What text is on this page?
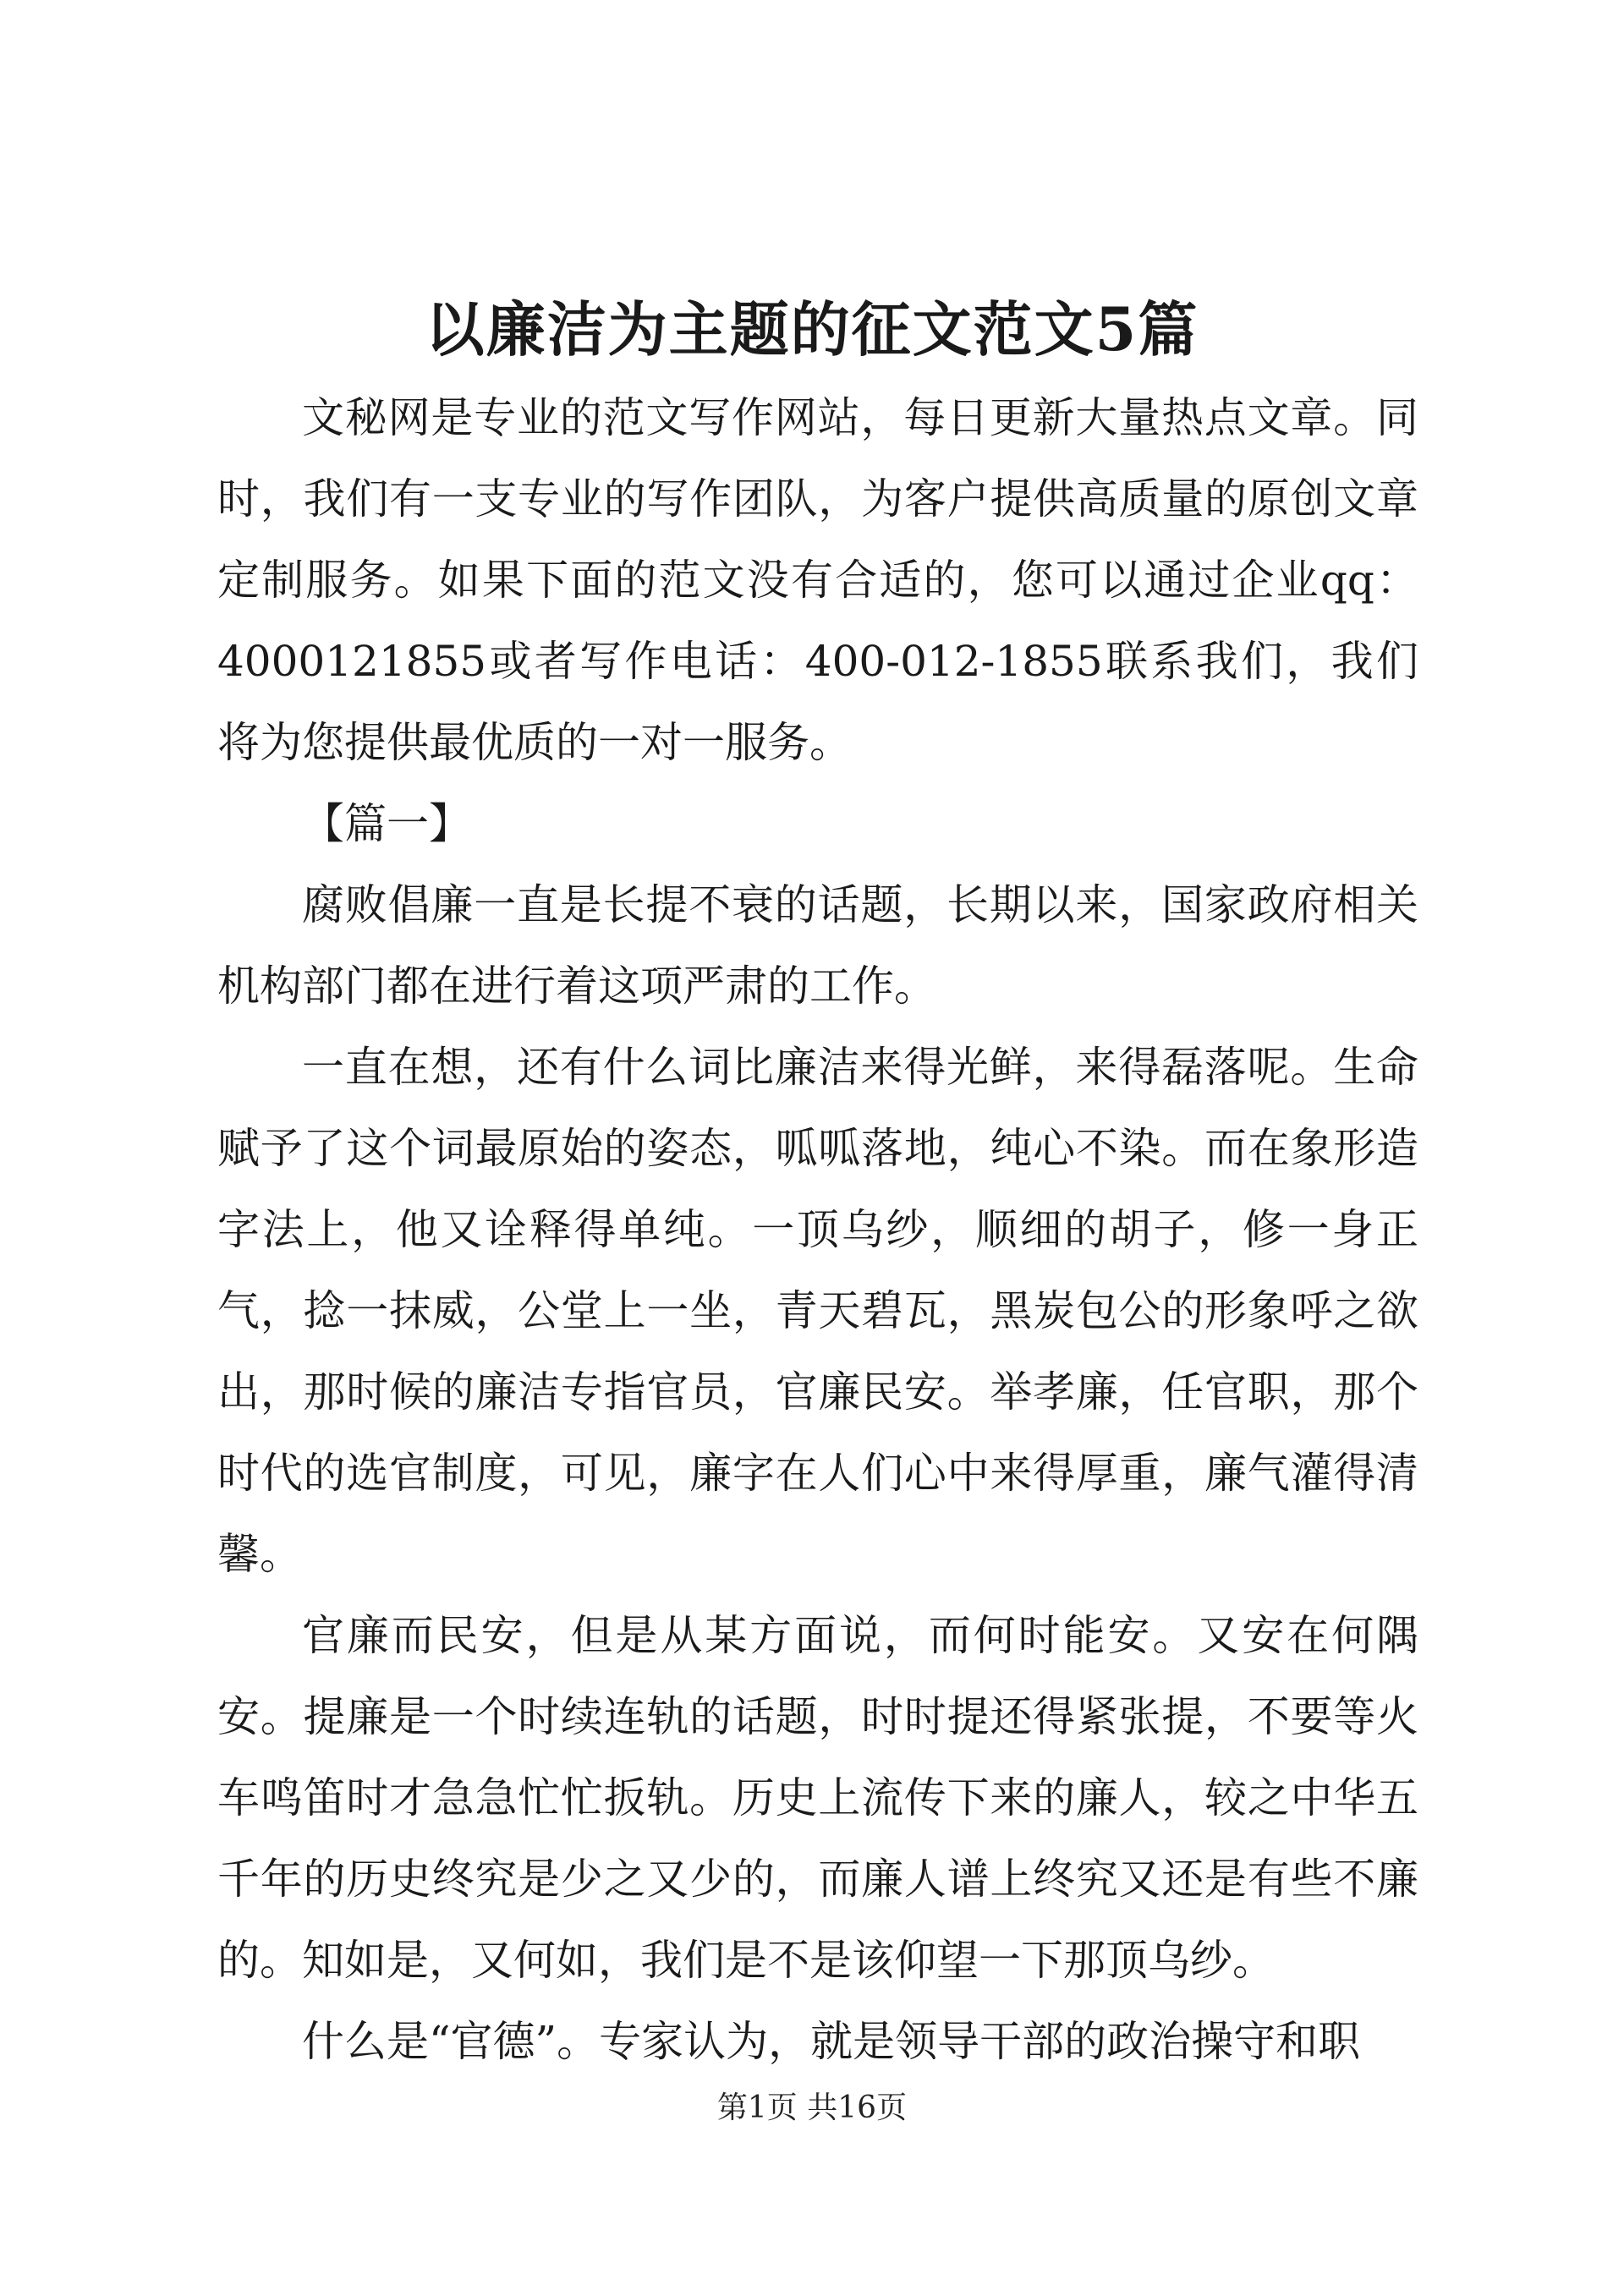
以廉洁为主题的征文范文5篇

文秘网是专业的范文写作网站，每日更新大量热点文章。同时，我们有一支专业的写作团队，为客户提供高质量的原创文章定制服务。如果下面的范文没有合适的，您可以通过企业qq：4000121855或者写作电话：400-012-1855联系我们，我们将为您提供最优质的一对一服务。

【篇一】

腐败倡廉一直是长提不衰的话题，长期以来，国家政府相关机构部门都在进行着这项严肃的工作。

一直在想，还有什么词比廉洁来得光鲜，来得磊落呢。生命赋予了这个词最原始的姿态，呱呱落地，纯心不染。而在象形造字法上，他又诠释得单纯。一顶乌纱，顺细的胡子，修一身正气，捻一抹威，公堂上一坐，青天碧瓦，黑炭包公的形象呼之欲出，那时候的廉洁专指官员，官廉民安。举孝廉，任官职，那个时代的选官制度，可见，廉字在人们心中来得厚重，廉气灌得清馨。

官廉而民安，但是从某方面说，而何时能安。又安在何隅安。提廉是一个时续连轨的话题，时时提还得紧张提，不要等火车鸣笛时才急急忙忙扳轨。历史上流传下来的廉人，较之中华五千年的历史终究是少之又少的，而廉人谱上终究又还是有些不廉的。知如是，又何如，我们是不是该仰望一下那顶乌纱。

什么是“官德”。专家认为，就是领导干部的政治操守和职

第1页 共16页
